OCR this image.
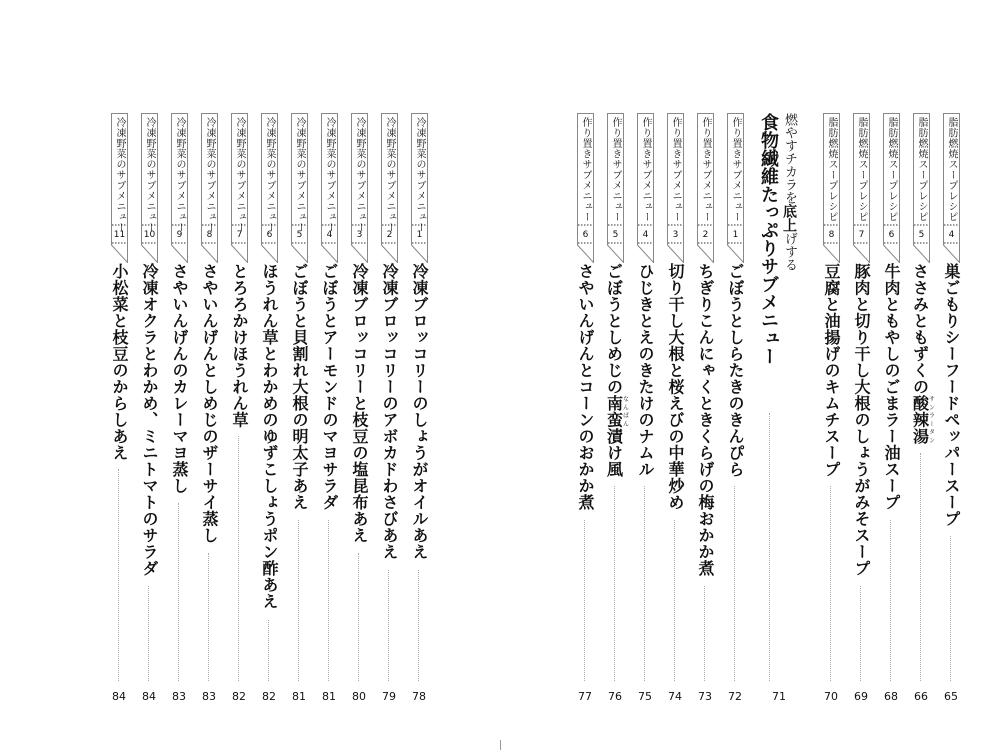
燃やすチカラを底上げする
食物繊維たっぷりサブメニュー
71
脂肪燃焼スープレシピ
4
巣ごもりシーフードペッパースープ
65
脂肪燃焼スープレシピ
5
ささみともずくの酸辣湯サンラータン
66
脂肪燃焼スープレシピ
6
牛肉ともやしのごまラー油スープ
68
脂肪燃焼スープレシピ
7
豚肉と切り干し大根のしょうがみそスープ
69
脂肪燃焼スープレシピ
8
豆腐と油揚げのキムチスープ
70
作り置きサブメニュー
1
ごぼうとしらたきのきんぴら
72
作り置きサブメニュー
2
ちぎりこんにゃくときくらげの梅おかか煮
73
作り置きサブメニュー
3
切り干し大根と桜えびの中華炒め
74
作り置きサブメニュー
4
ひじきとえのきたけのナムル
75
作り置きサブメニュー
5
ごぼうとしめじの南蛮なんばん漬け風
76
作り置きサブメニュー
6
さやいんげんとコーンのおかか煮
77
冷凍野菜のサブメニュー
1
冷凍ブロッコリーのしょうがオイルあえ
78
冷凍野菜のサブメニュー
2
冷凍ブロッコリーのアボカドわさびあえ
79
冷凍野菜のサブメニュー
3
冷凍ブロッコリーと枝豆の塩昆布あえ
80
冷凍野菜のサブメニュー
4
ごぼうとアーモンドのマヨサラダ
81
冷凍野菜のサブメニュー
5
ごぼうと貝割れ大根の明太子あえ
81
冷凍野菜のサブメニュー
6
ほうれん草とわかめのゆずこしょうポン酢あえ
82
冷凍野菜のサブメニュー
7
とろろかけほうれん草
82
冷凍野菜のサブメニュー
8
さやいんげんとしめじのザーサイ蒸し
83
冷凍野菜のサブメニュー
9
さやいんげんのカレーマヨ蒸し
83
冷凍野菜のサブメニュー
10
冷凍オクラとわかめ、ミニトマトのサラダ
84
冷凍野菜のサブメニュー
11
小松菜と枝豆のからしあえ
84
